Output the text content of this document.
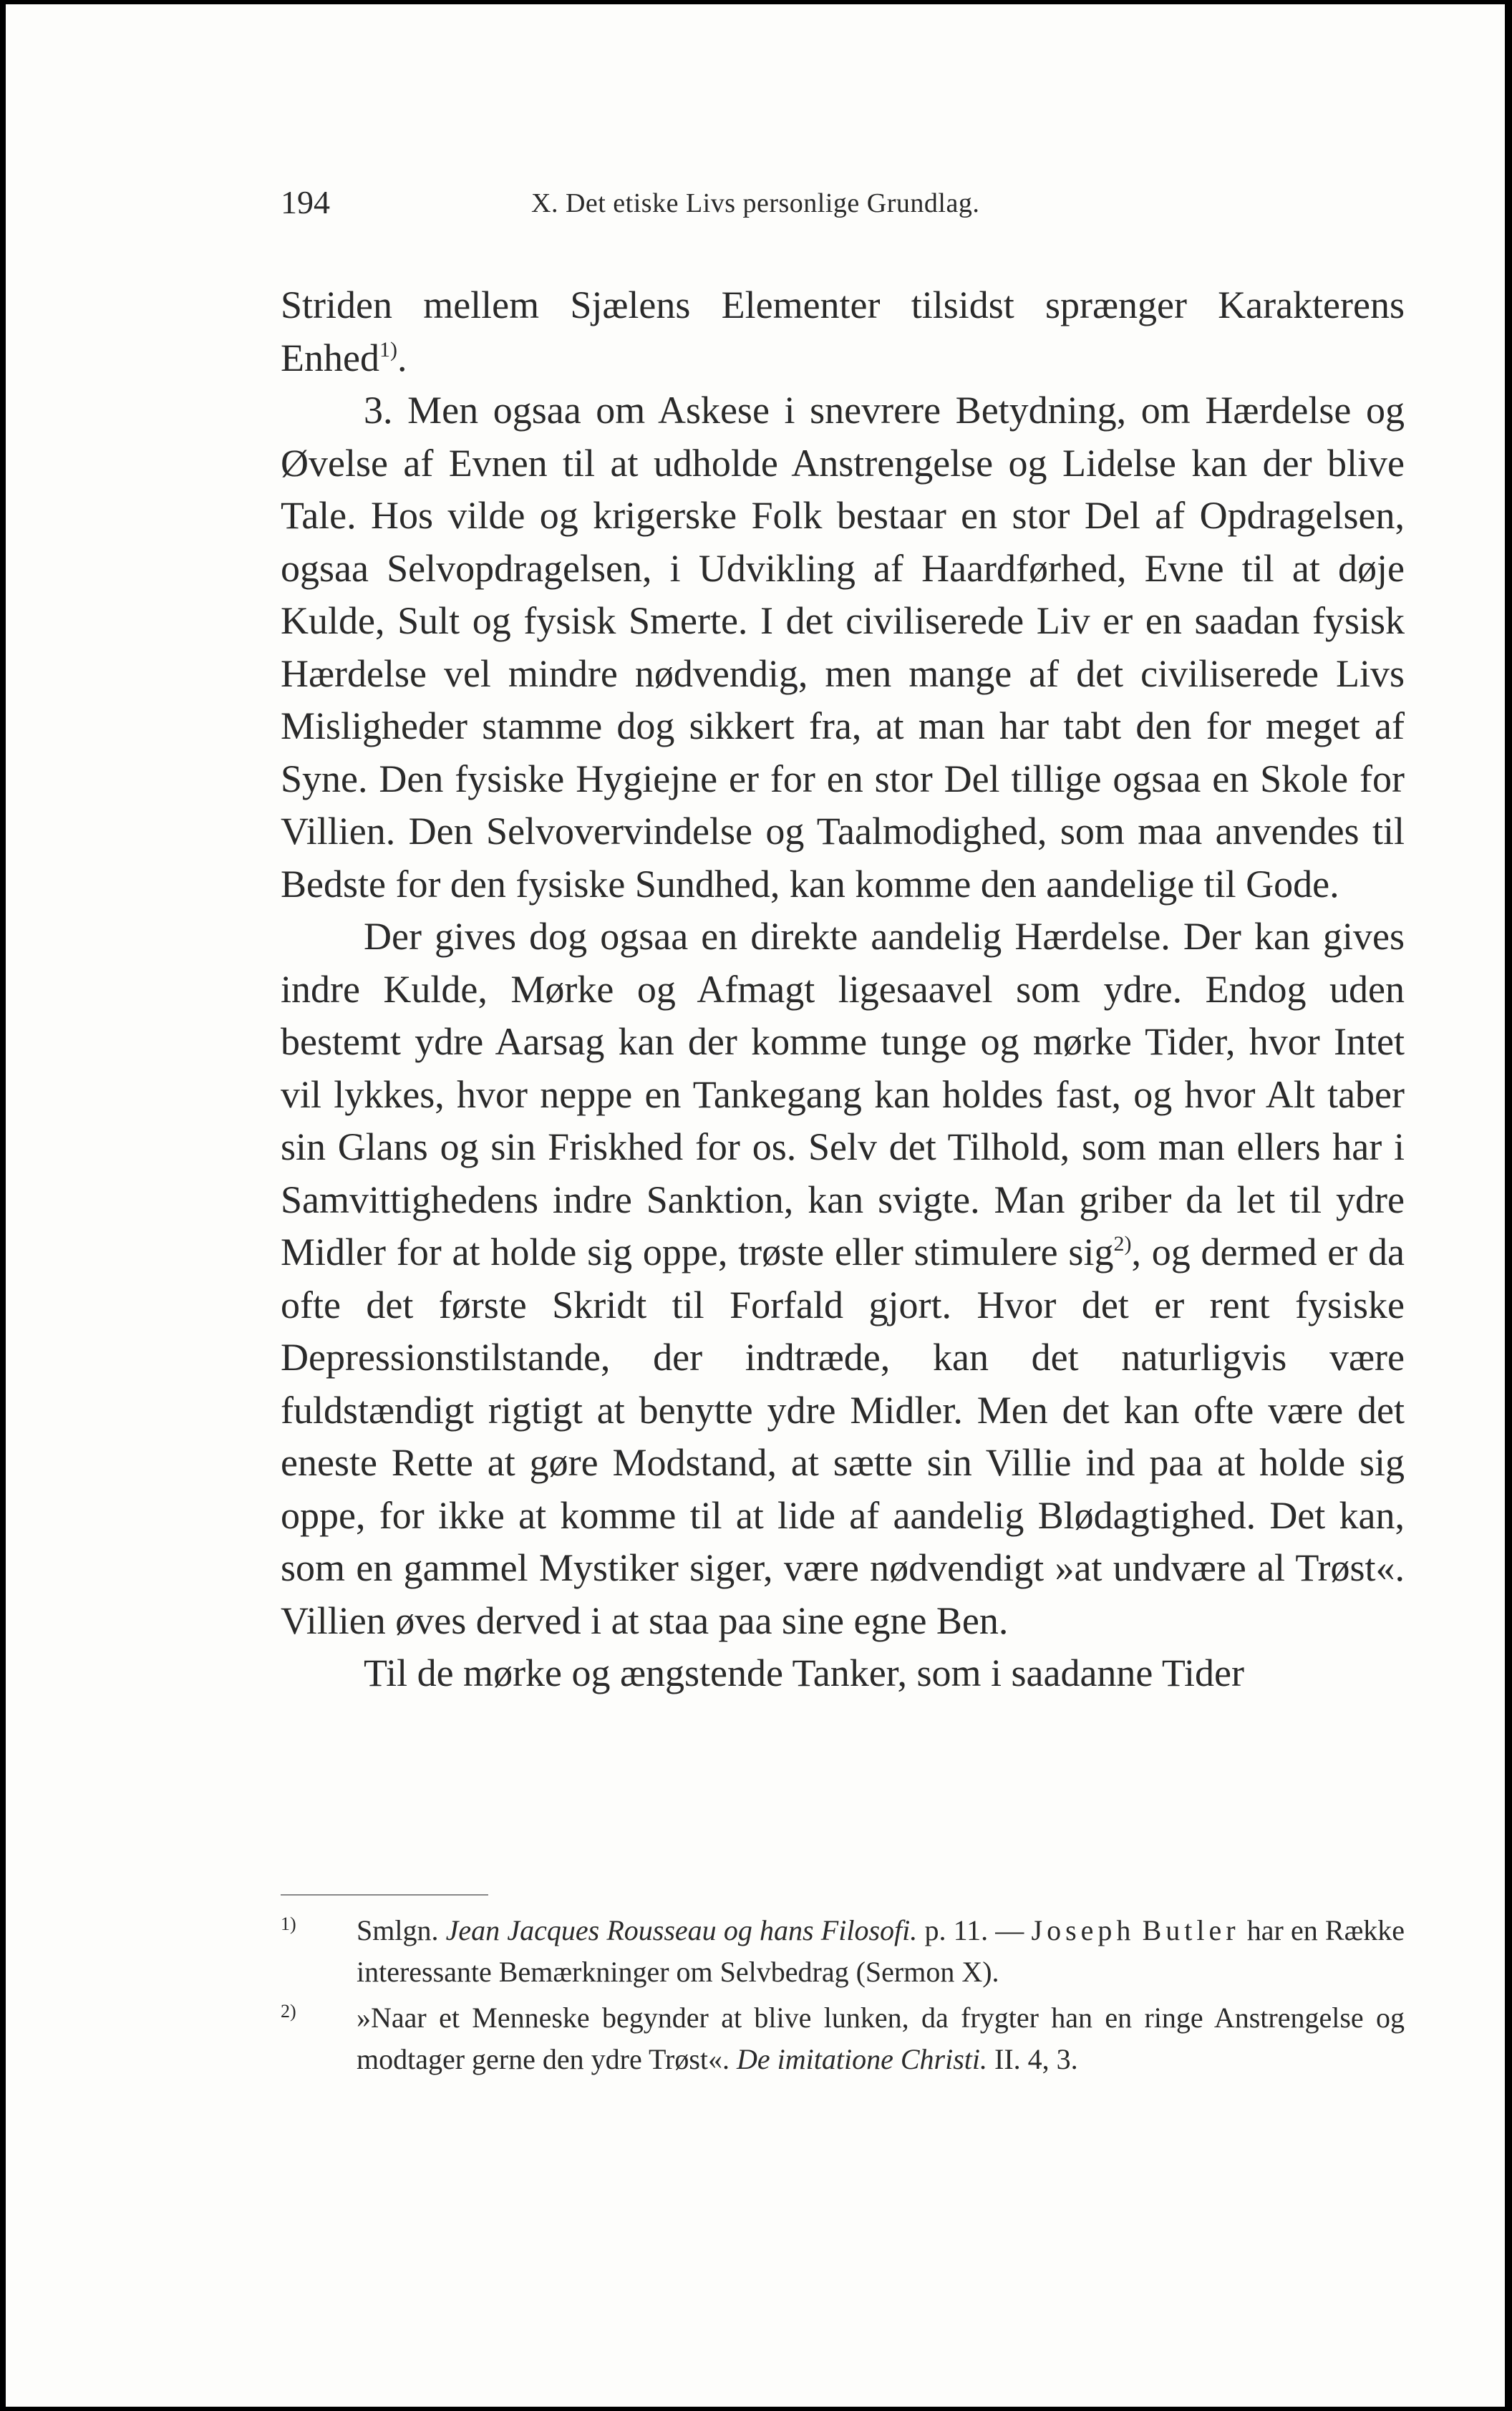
194	X. Det etiske Livs personlige Grundlag.

Striden mellem Sjælens Elementer tilsidst sprænger Karakterens Enhed$^{1)}$.

3. Men ogsaa om Askese i snevrere Betydning, om Hærdelse og Øvelse af Evnen til at udholde Anstrengelse og Lidelse kan der blive Tale. Hos vilde og krigerske Folk bestaar en stor Del af Opdragelsen, ogsaa Selvopdragelsen, i Udvikling af Haardførhed, Evne til at døje Kulde, Sult og fysisk Smerte. I det civiliserede Liv er en saadan fysisk Hærdelse vel mindre nødvendig, men mange af det civiliserede Livs Misligheder stamme dog sikkert fra, at man har tabt den for meget af Syne. Den fysiske Hygiejne er for en stor Del tillige ogsaa en Skole for Villien. Den Selvovervindelse og Taalmodighed, som maa anvendes til Bedste for den fysiske Sundhed, kan komme den aandelige til Gode.

Der gives dog ogsaa en direkte aandelig Hærdelse. Der kan gives indre Kulde, Mørke og Afmagt ligesaavel som ydre. Endog uden bestemt ydre Aarsag kan der komme tunge og mørke Tider, hvor Intet vil lykkes, hvor neppe en Tankegang kan holdes fast, og hvor Alt taber sin Glans og sin Friskhed for os. Selv det Tilhold, som man ellers har i Samvittighedens indre Sanktion, kan svigte. Man griber da let til ydre Midler for at holde sig oppe, trøste eller stimulere sig$^{2)}$, og dermed er da ofte det første Skridt til Forfald gjort. Hvor det er rent fysiske Depressionstilstande, der indtræde, kan det naturligvis være fuldstændigt rigtigt at benytte ydre Midler. Men det kan ofte være det eneste Rette at gøre Modstand, at sætte sin Villie ind paa at holde sig oppe, for ikke at komme til at lide af aandelig Blødagtighed. Det kan, som en gammel Mystiker siger, være nødvendigt »at undvære al Trøst«. Villien øves derved i at staa paa sine egne Ben.

Til de mørke og ængstende Tanker, som i saadanne Tider

$^{1)}$ Smlgn. Jean Jacques Rousseau og hans Filosofi. p. 11. — Joseph Butler har en Række interessante Bemærkninger om Selvbedrag (Sermon X).

$^{2)}$ »Naar et Menneske begynder at blive lunken, da frygter han en ringe Anstrengelse og modtager gerne den ydre Trøst«. De imitatione Christi. II. 4, 3.
